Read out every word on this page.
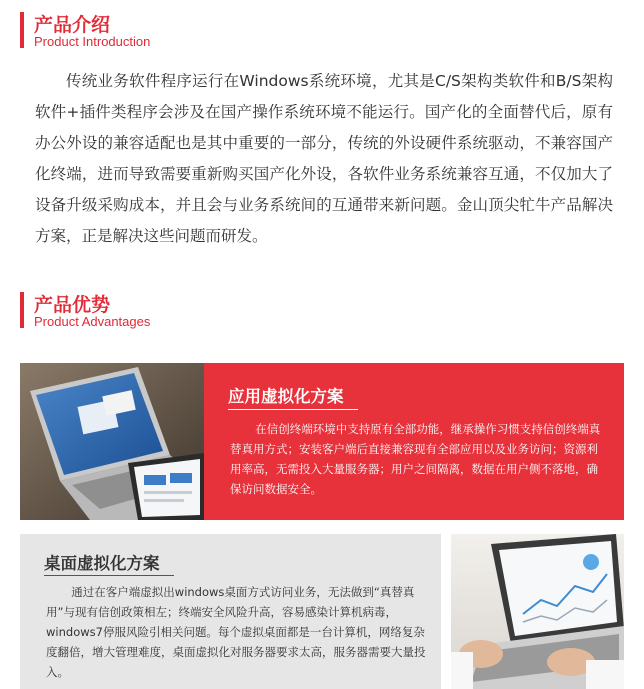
产品介绍
Product Introduction
传统业务软件程序运行在Windows系统环境，尤其是C/S架构类软件和B/S架构软件+插件类程序会涉及在国产操作系统环境不能运行。国产化的全面替代后，原有办公外设的兼容适配也是其中重要的一部分，传统的外设硬件系统驱动，不兼容国产化终端，进而导致需要重新购买国产化外设，各软件业务系统兼容互通，不仅加大了设备升级采购成本，并且会与业务系统间的互通带来新问题。金山顶尖牤牛产品解决方案，正是解决这些问题而研发。
产品优势
Product Advantages
应用虚拟化方案
在信创终端环境中支持原有全部功能，继承操作习惯支持信创终端真替真用方式；安装客户端后直接兼容现有全部应用以及业务访问；资源利用率高，无需投入大量服务器；用户之间隔离，数据在用户侧不落地，确保访问数据安全。
桌面虚拟化方案
通过在客户端虚拟出windows桌面方式访问业务，无法做到“真替真用”与现有信创政策相左；终端安全风险升高，容易感染计算机病毒，windows7停服风险引相关问题。每个虚拟桌面都是一台计算机，网络复杂度翻倍，增大管理难度，桌面虚拟化对服务器要求太高，服务器需要大量投入。
